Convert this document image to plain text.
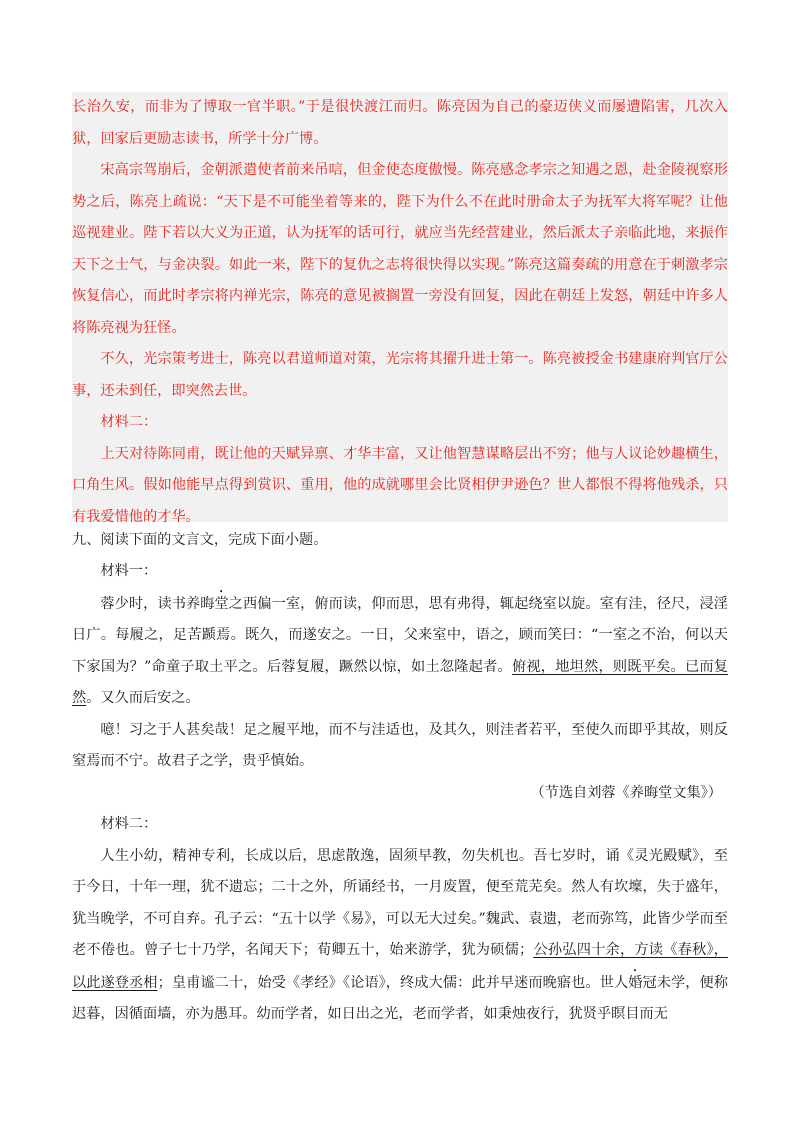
长治久安，而非为了博取一官半职。”于是很快渡江而归。陈亮因为自己的豪迈侠义而屡遭陷害，几次入狱，回家后更励志读书，所学十分广博。

宋高宗驾崩后，金朝派遣使者前来吊唁，但金使态度傲慢。陈亮感念孝宗之知遇之恩，赴金陵视察形势之后，陈亮上疏说：“天下是不可能坐着等来的，陛下为什么不在此时册命太子为抚军大将军呢？让他巡视建业。陛下若以大义为正道，认为抚军的话可行，就应当先经营建业，然后派太子亲临此地，来振作天下之士气，与金决裂。如此一来，陛下的复仇之志将很快得以实现。”陈亮这篇奏疏的用意在于刺激孝宗恢复信心，而此时孝宗将内禅光宗，陈亮的意见被搁置一旁没有回复，因此在朝廷上发怒，朝廷中许多人将陈亮视为狂怪。

不久，光宗策考进士，陈亮以君道师道对策，光宗将其擢升进士第一。陈亮被授金书建康府判官厅公事，还未到任，即突然去世。

材料二：

上天对待陈同甫，既让他的天赋异禀、才华丰富，又让他智慧谋略层出不穷；他与人议论妙趣横生，口角生风。假如他能早点得到赏识、重用，他的成就哪里会比贤相伊尹逊色？世人都恨不得将他残杀，只有我爱惜他的才华。

九、阅读下面的文言文，完成下面小题。

材料一：

蓉少时，读书养晦堂之西偏一室，俯而读，仰而思，思有弗得，辄起绕室以旋。室有洼，径尺，浸淫日广。每履之，足苦踬焉。既久，而遂安之。一日，父来室中，语之，顾而笑曰：“一室之不治，何以天下家国为？”命童子取土平之。后蓉复履，蹶然以惊，如土忽隆起者。俯视，地坦然，则既平矣。已而复然。又久而后安之。

噫！习之于人甚矣哉！足之履平地，而不与洼适也，及其久，则洼者若平，至使久而即乎其故，则反窒焉而不宁。故君子之学，贵乎慎始。

（节选自刘蓉《养晦堂文集》）

材料二：

人生小幼，精神专利，长成以后，思虑散逸，固须早教，勿失机也。吾七岁时，诵《灵光殿赋》，至于今日，十年一理，犹不遗忘；二十之外，所诵经书，一月废置，便至荒芜矣。然人有坎壈，失于盛年，犹当晚学，不可自弃。孔子云：“五十以学《易》，可以无大过矣。”魏武、袁遗，老而弥笃，此皆少学而至老不倦也。曾子七十乃学，名闻天下；荀卿五十，始来游学，犹为硕儒；公孙弘四十余，方读《春秋》，以此遂登丞相；皇甫谧二十，始受《孝经》《论语》，终成大儒：此并早迷而晚寤也。世人婚冠未学，便称迟暮，因循面墙，亦为愚耳。幼而学者，如日出之光，老而学者，如秉烛夜行，犹贤乎瞑目而无
